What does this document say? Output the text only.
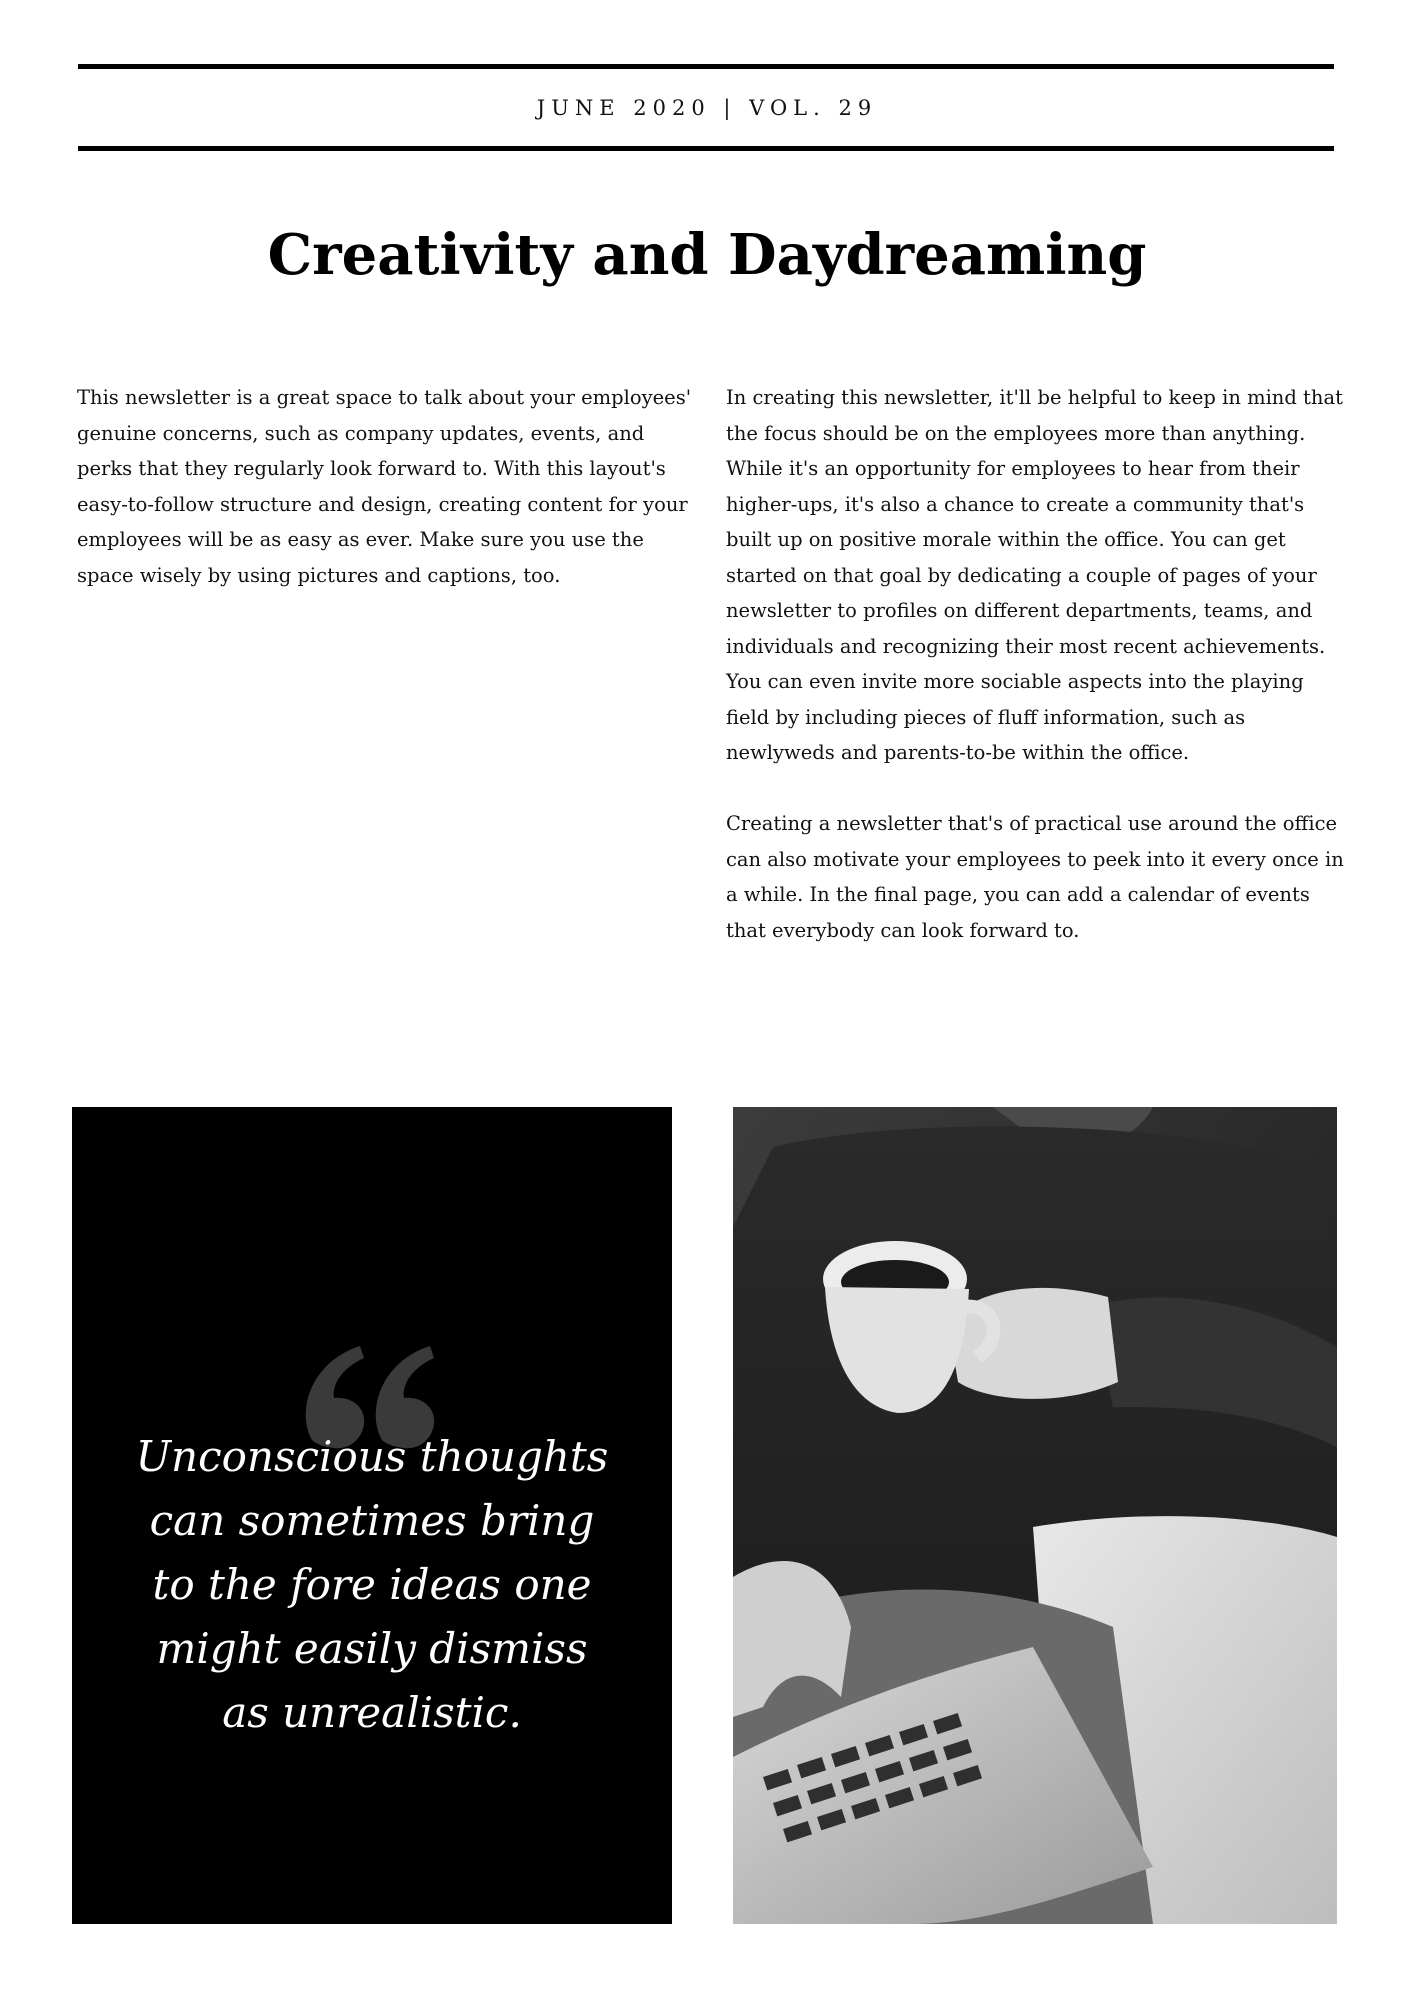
JUNE 2020 | VOL. 29
Creativity and Daydreaming

This newsletter is a great space to talk about your employees' genuine concerns, such as company updates, events, and perks that they regularly look forward to. With this layout's easy-to-follow structure and design, creating content for your employees will be as easy as ever. Make sure you use the space wisely by using pictures and captions, too.

In creating this newsletter, it'll be helpful to keep in mind that the focus should be on the employees more than anything. While it's an opportunity for employees to hear from their higher-ups, it's also a chance to create a community that's built up on positive morale within the office. You can get started on that goal by dedicating a couple of pages of your newsletter to profiles on different departments, teams, and individuals and recognizing their most recent achievements. You can even invite more sociable aspects into the playing field by including pieces of fluff information, such as newlyweds and parents-to-be within the office.

Creating a newsletter that's of practical use around the office can also motivate your employees to peek into it every once in a while. In the final page, you can add a calendar of events that everybody can look forward to.

Unconscious thoughts can sometimes bring to the fore ideas one might easily dismiss as unrealistic.
